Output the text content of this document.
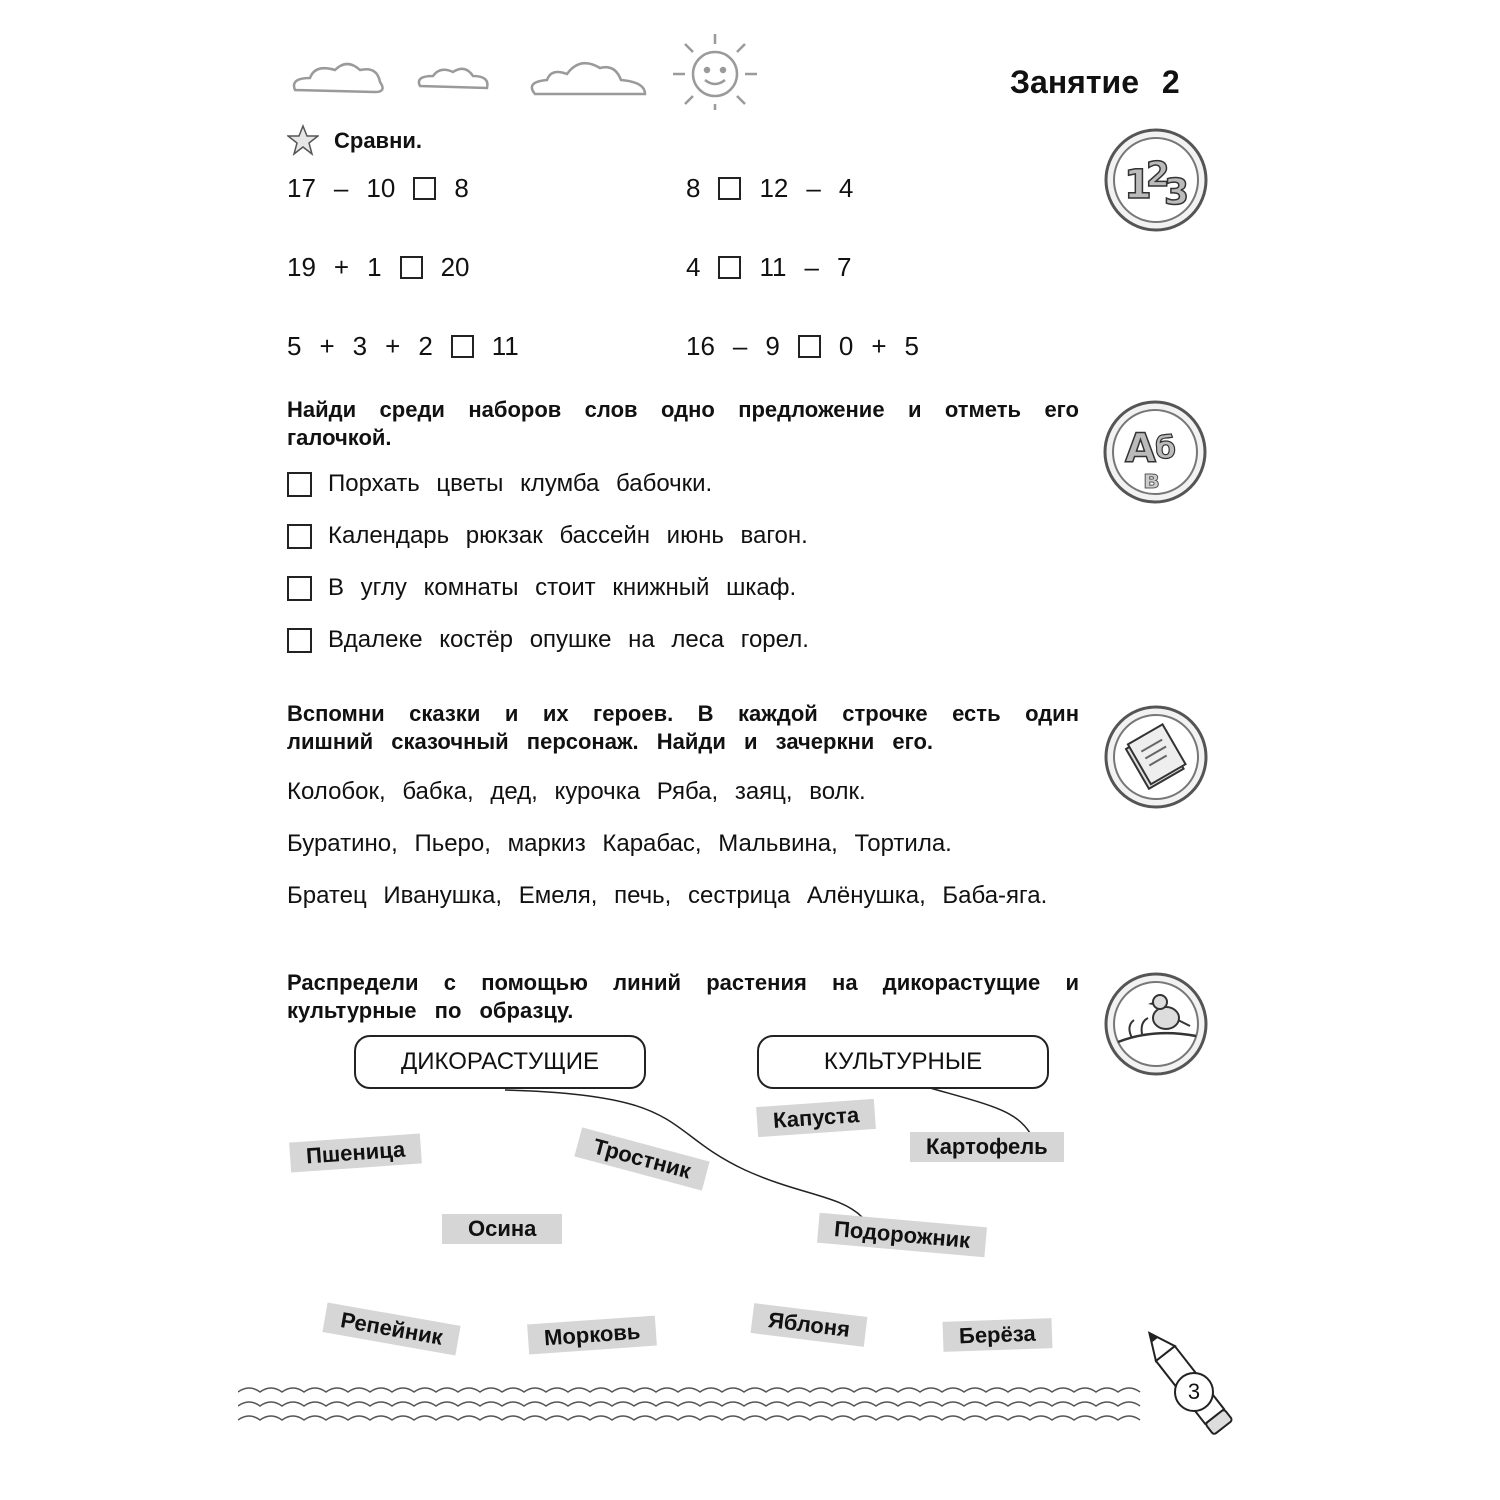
Занятие 2
Сравни.
17 – 10 8
19 + 1 20
5 + 3 + 2 11
8 12 – 4
4 11 – 7
16 – 9 0 + 5
1
2
3
Найди среди наборов слов одно предложение и отметь его галочкой.
Порхать цветы клумба бабочки.
Календарь рюкзак бассейн июнь вагон.
В углу комнаты стоит книжный шкаф.
Вдалеке костёр опушке на леса горел.
А б
в
Вспомни сказки и их героев. В каждой строчке есть один лишний сказочный персонаж. Найди и зачеркни его.
Колобок, бабка, дед, курочка Ряба, заяц, волк.
Буратино, Пьеро, маркиз Карабас, Мальвина, Тортила.
Братец Иванушка, Емеля, печь, сестрица Алёнушка, Баба-яга.
Распредели с помощью линий растения на дикорастущие и культурные по образцу.
ДИКОРАСТУЩИЕ	КУЛЬТУРНЫЕ
Капуста
Картофель
Пшеница	Тростник
Осина	Подорожник
Репейник	Морковь	Яблоня	Берёза
3
